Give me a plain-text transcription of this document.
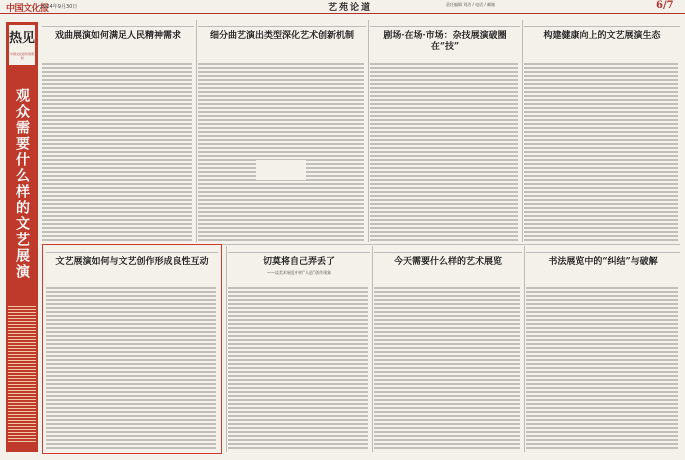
中国文化报
2024年9月30日	艺苑论道	责任编辑 刘洁 / 电话 / 邮箱	6/7
热见
中国文化报特别策划
观众需要什么样的文艺展演
戏曲展演如何满足人民精神需求	细分曲艺演出类型深化艺术创新机制	剧场·在场·市场：杂技展演破圈在“技”
构建健康向上的文艺展演生态
文艺展演如何与文艺创作形成良性互动	切莫将自己弄丢了
——谈美术展览中的“人造”创作现象
今天需要什么样的艺术展览	书法展览中的“纠结”与破解
